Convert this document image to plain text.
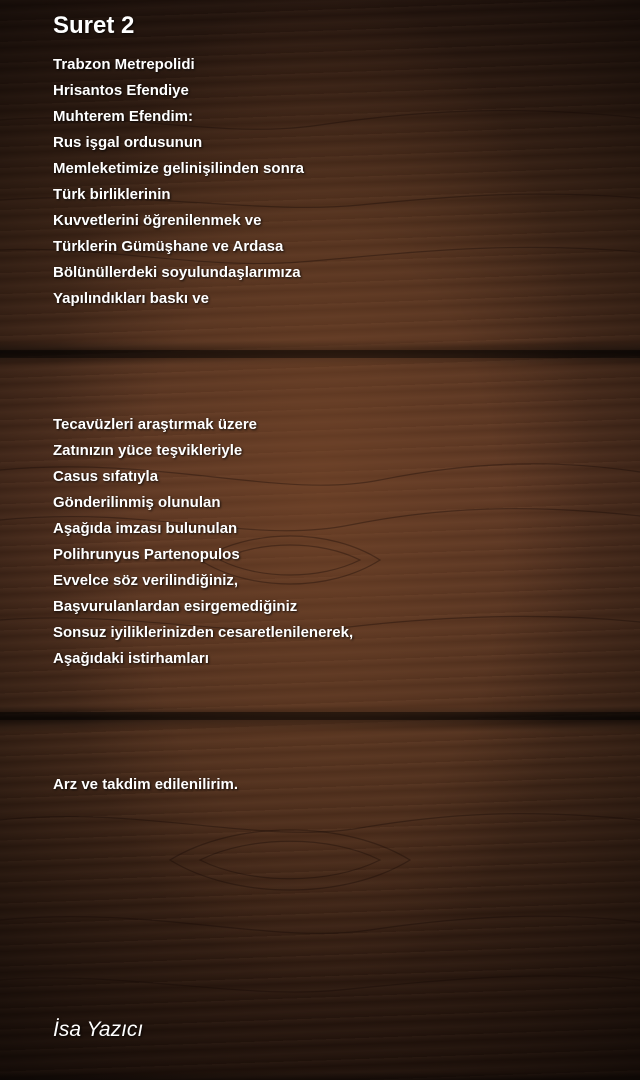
Suret 2
Trabzon Metrepolidi
Hrisantos Efendiye
Muhterem Efendim:
Rus işgal ordusunun
Memleketimize gelinişilinden sonra
Türk birliklerinin
Kuvvetlerini öğrenilenmek ve
Türklerin Gümüşhane ve Ardasa
Bölünüllerdeki soyulundaşlarımıza
Yapılındıkları baskı ve
Tecavüzleri araştırmak üzere
Zatınızın yüce teşvikleriyle
Casus sıfatıyla
Gönderilinmiş olunulan
Aşağıda imzası bulunulan
Polihrunyus Partenopulos
Evvelce söz verilindiğiniz,
Başvurulanlardan esirgemediğiniz
Sonsuz iyiliklerinizden cesaretlenilenerek,
Aşağıdaki istirhamları
Arz ve takdim edilenilirim.
İsa Yazıcı
